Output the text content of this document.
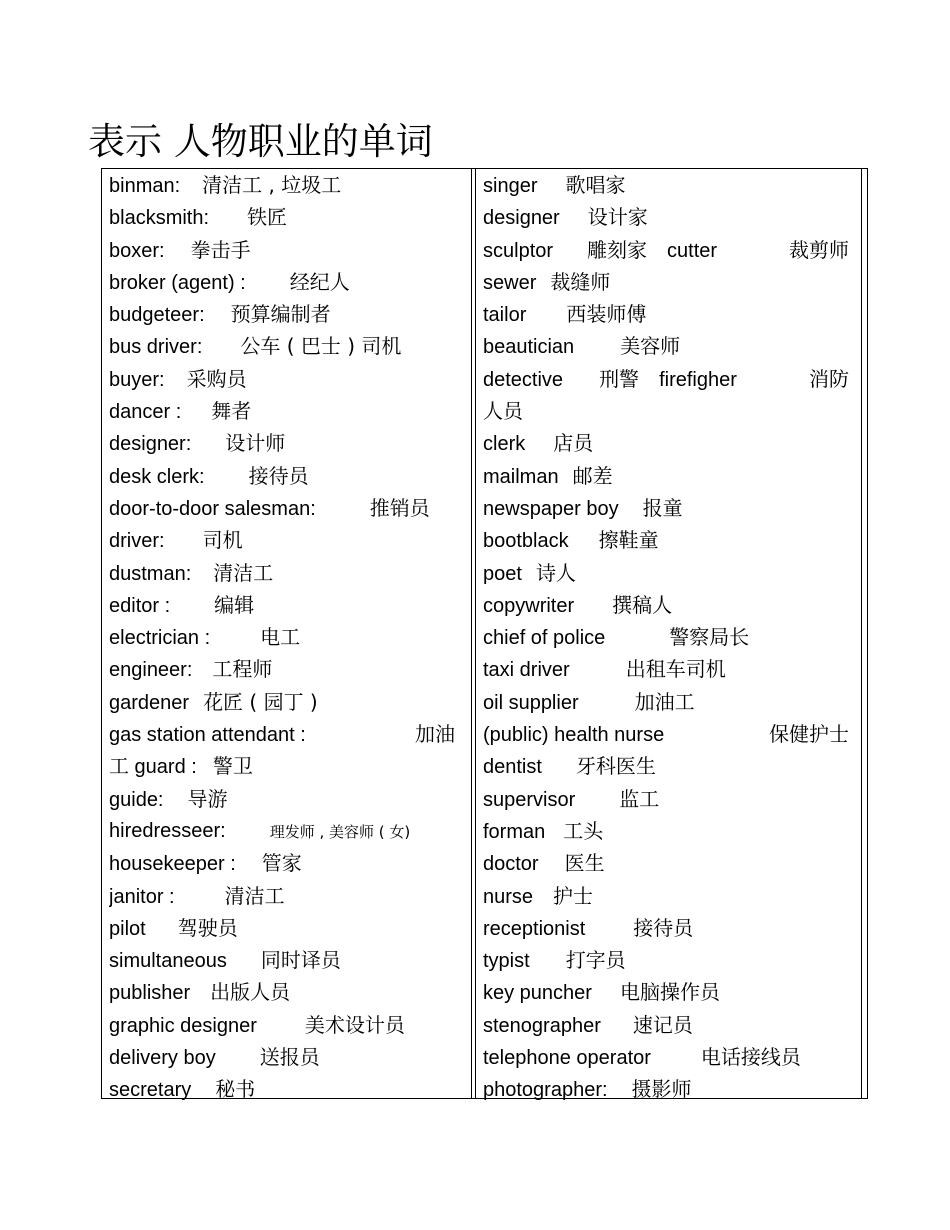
表示 人物职业的单词
binman: 清洁工 , 垃圾工
blacksmith: 铁匠
boxer: 拳击手
broker (agent) : 经纪人
budgeteer: 预算编制者
bus driver: 公车 ( 巴士 ) 司机
buyer: 采购员
dancer : 舞者
designer: 设计师
desk clerk: 接待员
door-to-door salesman:	推销员
driver: 司机
dustman: 清洁工
editor : 编辑
electrician :	电工
engineer: 工程师
gardener 花匠 ( 园丁 )
gas station attendant :	加油
工 guard : 警卫
guide: 导游
hiredresseer:	理发师 , 美容师 ( 女)
housekeeper : 管家
janitor :	清洁工
pilot 驾驶员
simultaneous 同时译员
publisher 出版人员
graphic designer 美术设计员
delivery boy 送报员
secretary 秘书
singer 歌唱家
designer 设计家
sculptor 雕刻家 cutter	裁剪师
sewer 裁缝师
tailor 西装师傅
beautician 美容师
detective 刑警 firefigher	消防
人员
clerk 店员
mailman 邮差
newspaper boy 报童
bootblack 擦鞋童
poet 诗人
copywriter 撰稿人
chief of police	警察局长
taxi driver	出租车司机
oil supplier	加油工
(public) health nurse	保健护士
dentist 牙科医生
supervisor 监工
forman 工头
doctor 医生
nurse 护士
receptionist 接待员
typist 打字员
key puncher 电脑操作员
stenographer 速记员
telephone operator	电话接线员
photographer: 摄影师
